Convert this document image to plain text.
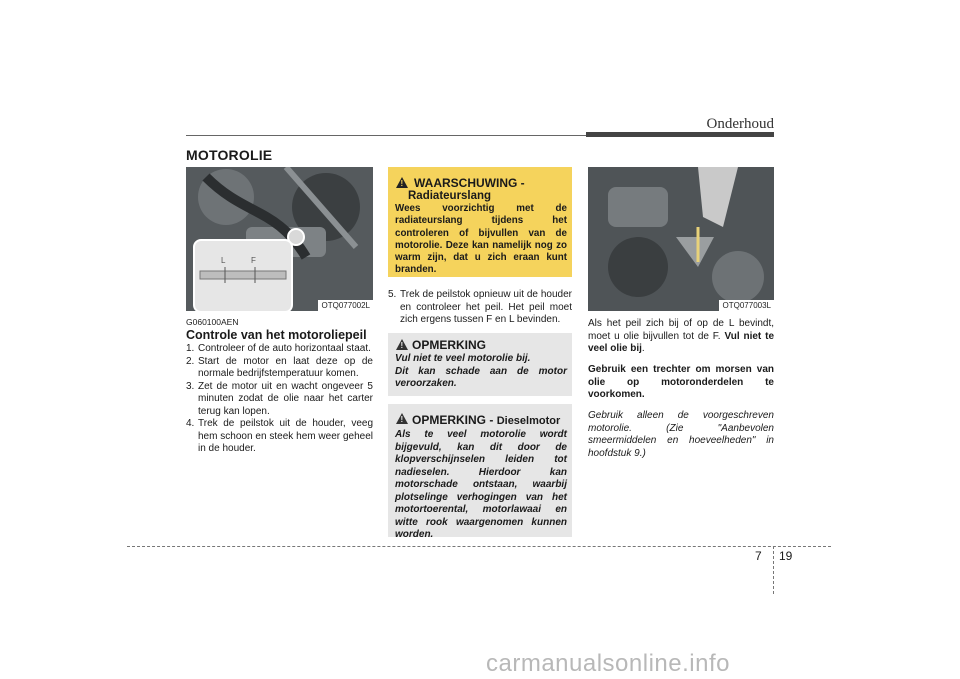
Onderhoud
MOTOROLIE
L	F
OTQ077002L
G060100AEN
Controle van het motoroliepeil
1. Controleer of de auto horizontaal staat.
2. Start de motor en laat deze op de normale bedrijfstemperatuur komen.
3. Zet de motor uit en wacht ongeveer 5 minuten zodat de olie naar het carter terug kan lopen.
4. Trek de peilstok uit de houder, veeg hem schoon en steek hem weer geheel in de houder.
! WAARSCHUWING -
Radiateurslang
Wees voorzichtig met de radiateurslang tijdens het controleren of bijvullen van de motorolie. Deze kan namelijk nog zo warm zijn, dat u zich eraan kunt branden.
5. Trek de peilstok opnieuw uit de houder en controleer het peil. Het peil moet zich ergens tussen F en L bevinden.
! OPMERKING
Vul niet te veel motorolie bij.
Dit kan schade aan de motor veroorzaken.
! OPMERKING - Dieselmotor
Als te veel motorolie wordt bijgevuld, kan dit door de klopverschijnselen leiden tot nadieselen. Hierdoor kan motorschade ontstaan, waarbij plotselinge verhogingen van het motortoerental, motorlawaai en witte rook waargenomen kunnen worden.
OTQ077003L
Als het peil zich bij of op de L bevindt, moet u olie bijvullen tot de F. Vul niet te veel olie bij.
Gebruik een trechter om morsen van olie op motoronderdelen te voorkomen.
Gebruik alleen de voorgeschreven motorolie. (Zie "Aanbevolen smeermiddelen en hoeveelheden" in hoofdstuk 9.)
7 19
carmanualsonline.info
